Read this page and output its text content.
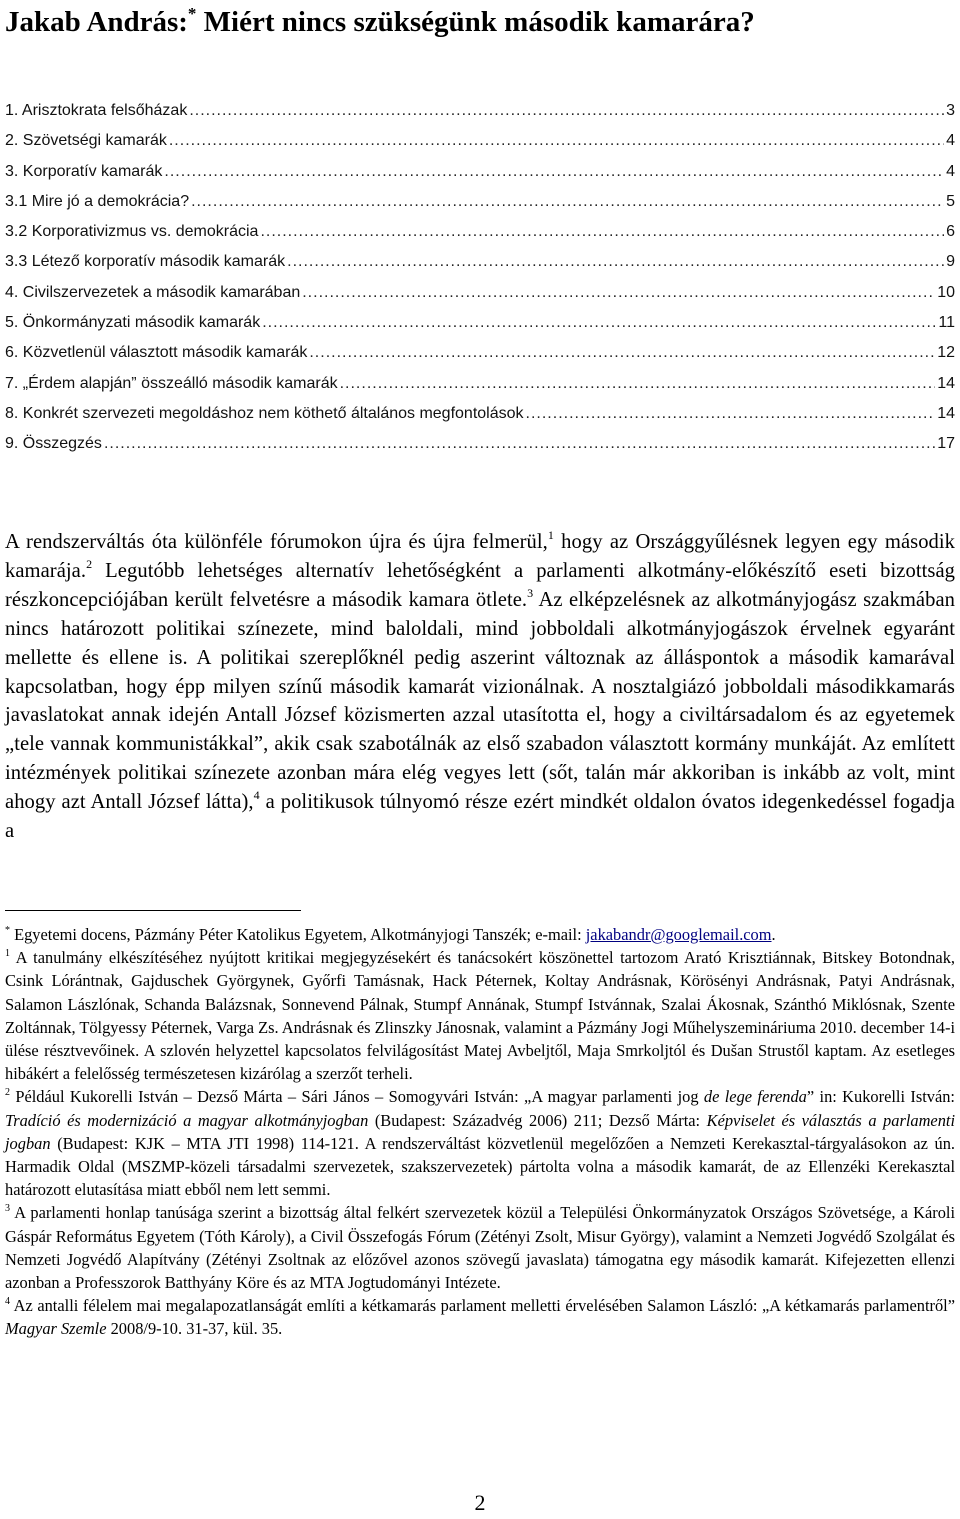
Jakab András:* Miért nincs szükségünk második kamarára?
1. Arisztokrata felsőházak .....	3
2. Szövetségi kamarák .....	4
3. Korporatív kamarák .....	4
3.1 Mire jó a demokrácia? .....	5
3.2 Korporativizmus vs. demokrácia .....	6
3.3 Létező korporatív második kamarák .....	9
4. Civilszervezetek a második kamarában .....	10
5. Önkormányzati második kamarák .....	11
6. Közvetlenül választott második kamarák .....	12
7. „Érdem alapján” összeálló második kamarák .....	14
8. Konkrét szervezeti megoldáshoz nem köthető általános megfontolások .....	14
9. Összegzés .....	17

A rendszerváltás óta különféle fórumokon újra és újra felmerül,$^1$ hogy az Országgyűlésnek legyen egy második kamarája.$^2$ Legutóbb lehetséges alternatív lehetőségként a parlamenti alkotmány-előkészítő eseti bizottság részkoncepciójában került felvetésre a második kamara ötlete.$^3$ Az elképzelésnek az alkotmányjogász szakmában nincs határozott politikai színezete, mind baloldali, mind jobboldali alkotmányjogászok érvelnek egyaránt mellette és ellene is. A politikai szereplőknél pedig aszerint változnak az álláspontok a második kamarával kapcsolatban, hogy épp milyen színű második kamarát vizionálnak. A nosztalgiázó jobboldali másodikkamarás javaslatokat annak idején Antall József közismerten azzal utasította el, hogy a civiltársadalom és az egyetemek „tele vannak kommunistákkal”, akik csak szabotálnák az első szabadon választott kormány munkáját. Az említett intézmények politikai színezete azonban mára elég vegyes lett (sőt, talán már akkoriban is inkább az volt, mint ahogy azt Antall József látta),$^4$ a politikusok túlnyomó része ezért mindkét oldalon óvatos idegenkedéssel fogadja a

* Egyetemi docens, Pázmány Péter Katolikus Egyetem, Alkotmányjogi Tanszék; e-mail: jakabandr@googlemail.com.

$^1$ A tanulmány elkészítéséhez nyújtott kritikai megjegyzésekért és tanácsokért köszönettel tartozom Arató Krisztiánnak, Bitskey Botondnak, Csink Lórántnak, Gajduschek Györgynek, Győrfi Tamásnak, Hack Péternek, Koltay Andrásnak, Körösényi Andrásnak, Patyi Andrásnak, Salamon Lászlónak, Schanda Balázsnak, Sonnevend Pálnak, Stumpf Annának, Stumpf Istvánnak, Szalai Ákosnak, Szánthó Miklósnak, Szente Zoltánnak, Tölgyessy Péternek, Varga Zs. Andrásnak és Zlinszky Jánosnak, valamint a Pázmány Jogi Műhelyszemináriuma 2010. december 14-i ülése résztvevőinek. A szlovén helyzettel kapcsolatos felvilágosítást Matej Avbeljtől, Maja Smrkoljtól és Dušan Strustől kaptam. Az esetleges hibákért a felelősség természetesen kizárólag a szerzőt terheli.

$^2$ Például Kukorelli István – Dezső Márta – Sári János – Somogyvári István: „A magyar parlamenti jog de lege ferenda” in: Kukorelli István: Tradíció és modernizáció a magyar alkotmányjogban (Budapest: Századvég 2006) 211; Dezső Márta: Képviselet és választás a parlamenti jogban (Budapest: KJK – MTA JTI 1998) 114-121. A rendszerváltást közvetlenül megelőzően a Nemzeti Kerekasztal-tárgyalásokon az ún. Harmadik Oldal (MSZMP-közeli társadalmi szervezetek, szakszervezetek) pártolta volna a második kamarát, de az Ellenzéki Kerekasztal határozott elutasítása miatt ebből nem lett semmi.

$^3$ A parlamenti honlap tanúsága szerint a bizottság által felkért szervezetek közül a Települési Önkormányzatok Országos Szövetsége, a Károli Gáspár Református Egyetem (Tóth Károly), a Civil Összefogás Fórum (Zétényi Zsolt, Misur György), valamint a Nemzeti Jogvédő Szolgálat és Nemzeti Jogvédő Alapítvány (Zétényi Zsoltnak az előzővel azonos szövegű javaslata) támogatna egy második kamarát. Kifejezetten ellenzi azonban a Professzorok Batthyány Köre és az MTA Jogtudományi Intézete.

$^4$ Az antalli félelem mai megalapozatlanságát említi a kétkamarás parlament melletti érvelésében Salamon László: „A kétkamarás parlamentről” Magyar Szemle 2008/9-10. 31-37, kül. 35.

2
